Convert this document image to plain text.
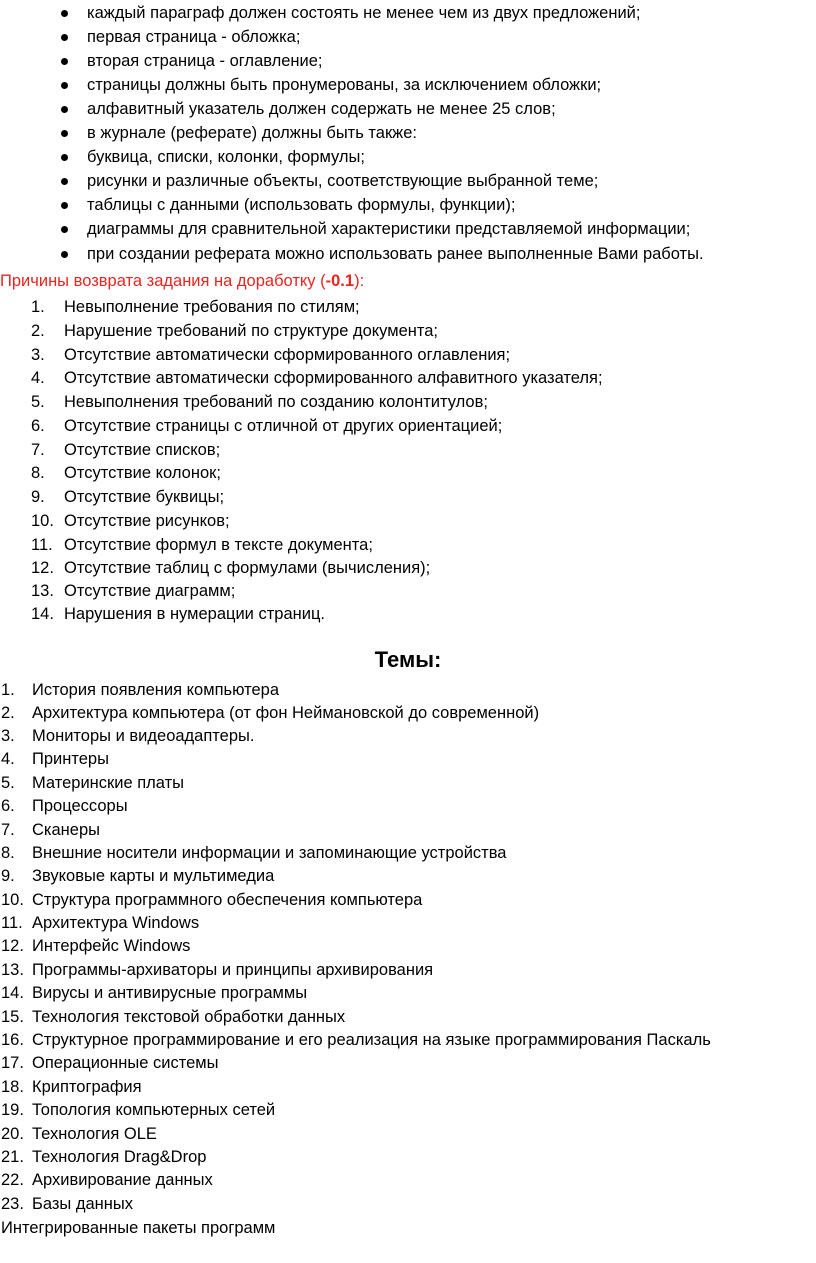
каждый параграф должен состоять не менее чем из двух предложений;
первая страница - обложка;
вторая страница - оглавление;
страницы должны быть пронумерованы, за исключением обложки;
алфавитный указатель должен содержать не менее 25 слов;
в журнале (реферате) должны быть также:
буквица, списки, колонки, формулы;
рисунки и различные объекты, соответствующие выбранной теме;
таблицы с данными (использовать формулы, функции);
диаграммы для сравнительной характеристики представляемой информации;
при создании реферата можно использовать ранее выполненные Вами работы.
Причины возврата задания на доработку (-0.1):
1. Невыполнение требования по стилям;
2. Нарушение требований по структуре документа;
3. Отсутствие автоматически сформированного оглавления;
4. Отсутствие автоматически сформированного алфавитного указателя;
5. Невыполнения требований по созданию колонтитулов;
6. Отсутствие страницы с отличной от других ориентацией;
7. Отсутствие списков;
8. Отсутствие колонок;
9. Отсутствие буквицы;
10. Отсутствие рисунков;
11. Отсутствие формул в тексте документа;
12. Отсутствие таблиц с формулами (вычисления);
13. Отсутствие диаграмм;
14. Нарушения в нумерации страниц.
Темы:
1. История появления компьютера
2. Архитектура компьютера (от фон Неймановской до современной)
3. Мониторы и видеоадаптеры.
4. Принтеры
5. Материнские платы
6. Процессоры
7. Сканеры
8. Внешние носители информации и запоминающие устройства
9. Звуковые карты и мультимедиа
10. Структура программного обеспечения компьютера
11. Архитектура Windows
12. Интерфейс Windows
13. Программы-архиваторы и принципы архивирования
14. Вирусы и антивирусные программы
15. Технология текстовой обработки данных
16. Структурное программирование и его реализация на языке программирования Паскаль
17. Операционные системы
18. Криптография
19. Топология компьютерных сетей
20. Технология OLE
21. Технология Drag&Drop
22. Архивирование данных
23. Базы данных
Интегрированные пакеты программ
